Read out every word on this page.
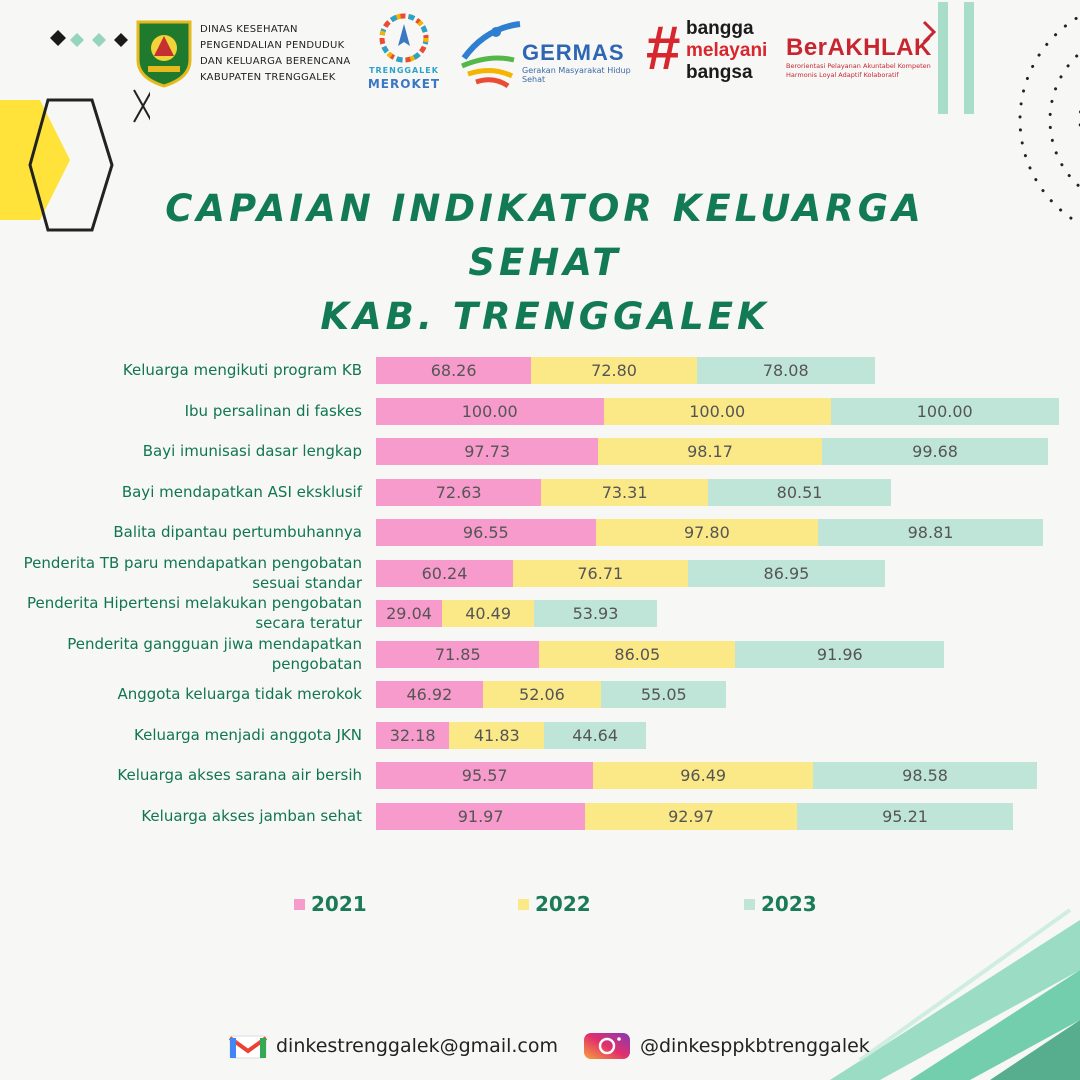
DINAS KESEHATAN
PENGENDALIAN PENDUDUK
DAN KELUARGA BERENCANA
KABUPATEN TRENGGALEK
TRENGGALEK
MEROKET
GERMAS
Gerakan Masyarakat Hidup Sehat	# bangga
melayani
bangsa
BerAKHLAK
Berorientasi Pelayanan Akuntabel Kompeten
Harmonis Loyal Adaptif Kolaboratif
CAPAIAN INDIKATOR KELUARGA SEHAT
KAB. TRENGGALEK
Keluarga mengikuti program KB	68.26	72.80	78.08
Ibu persalinan di faskes	100.00	100.00	100.00
Bayi imunisasi dasar lengkap	97.73	98.17	99.68
Bayi mendapatkan ASI eksklusif	72.63	73.31	80.51
Balita dipantau pertumbuhannya	96.55	97.80	98.81
Penderita TB paru mendapatkan pengobatan sesuai standar	60.24	76.71	86.95
Penderita Hipertensi melakukan pengobatan secara teratur	29.04	40.49	53.93
Penderita gangguan jiwa mendapatkan pengobatan	71.85	86.05	91.96
Anggota keluarga tidak merokok	46.92	52.06	55.05
Keluarga menjadi anggota JKN	32.18	41.83	44.64
Keluarga akses sarana air bersih	95.57	96.49	98.58
Keluarga akses jamban sehat	91.97	92.97	95.21
2021	2022	2023
dinkestrenggalek@gmail.com	@dinkesppkbtrenggalek
